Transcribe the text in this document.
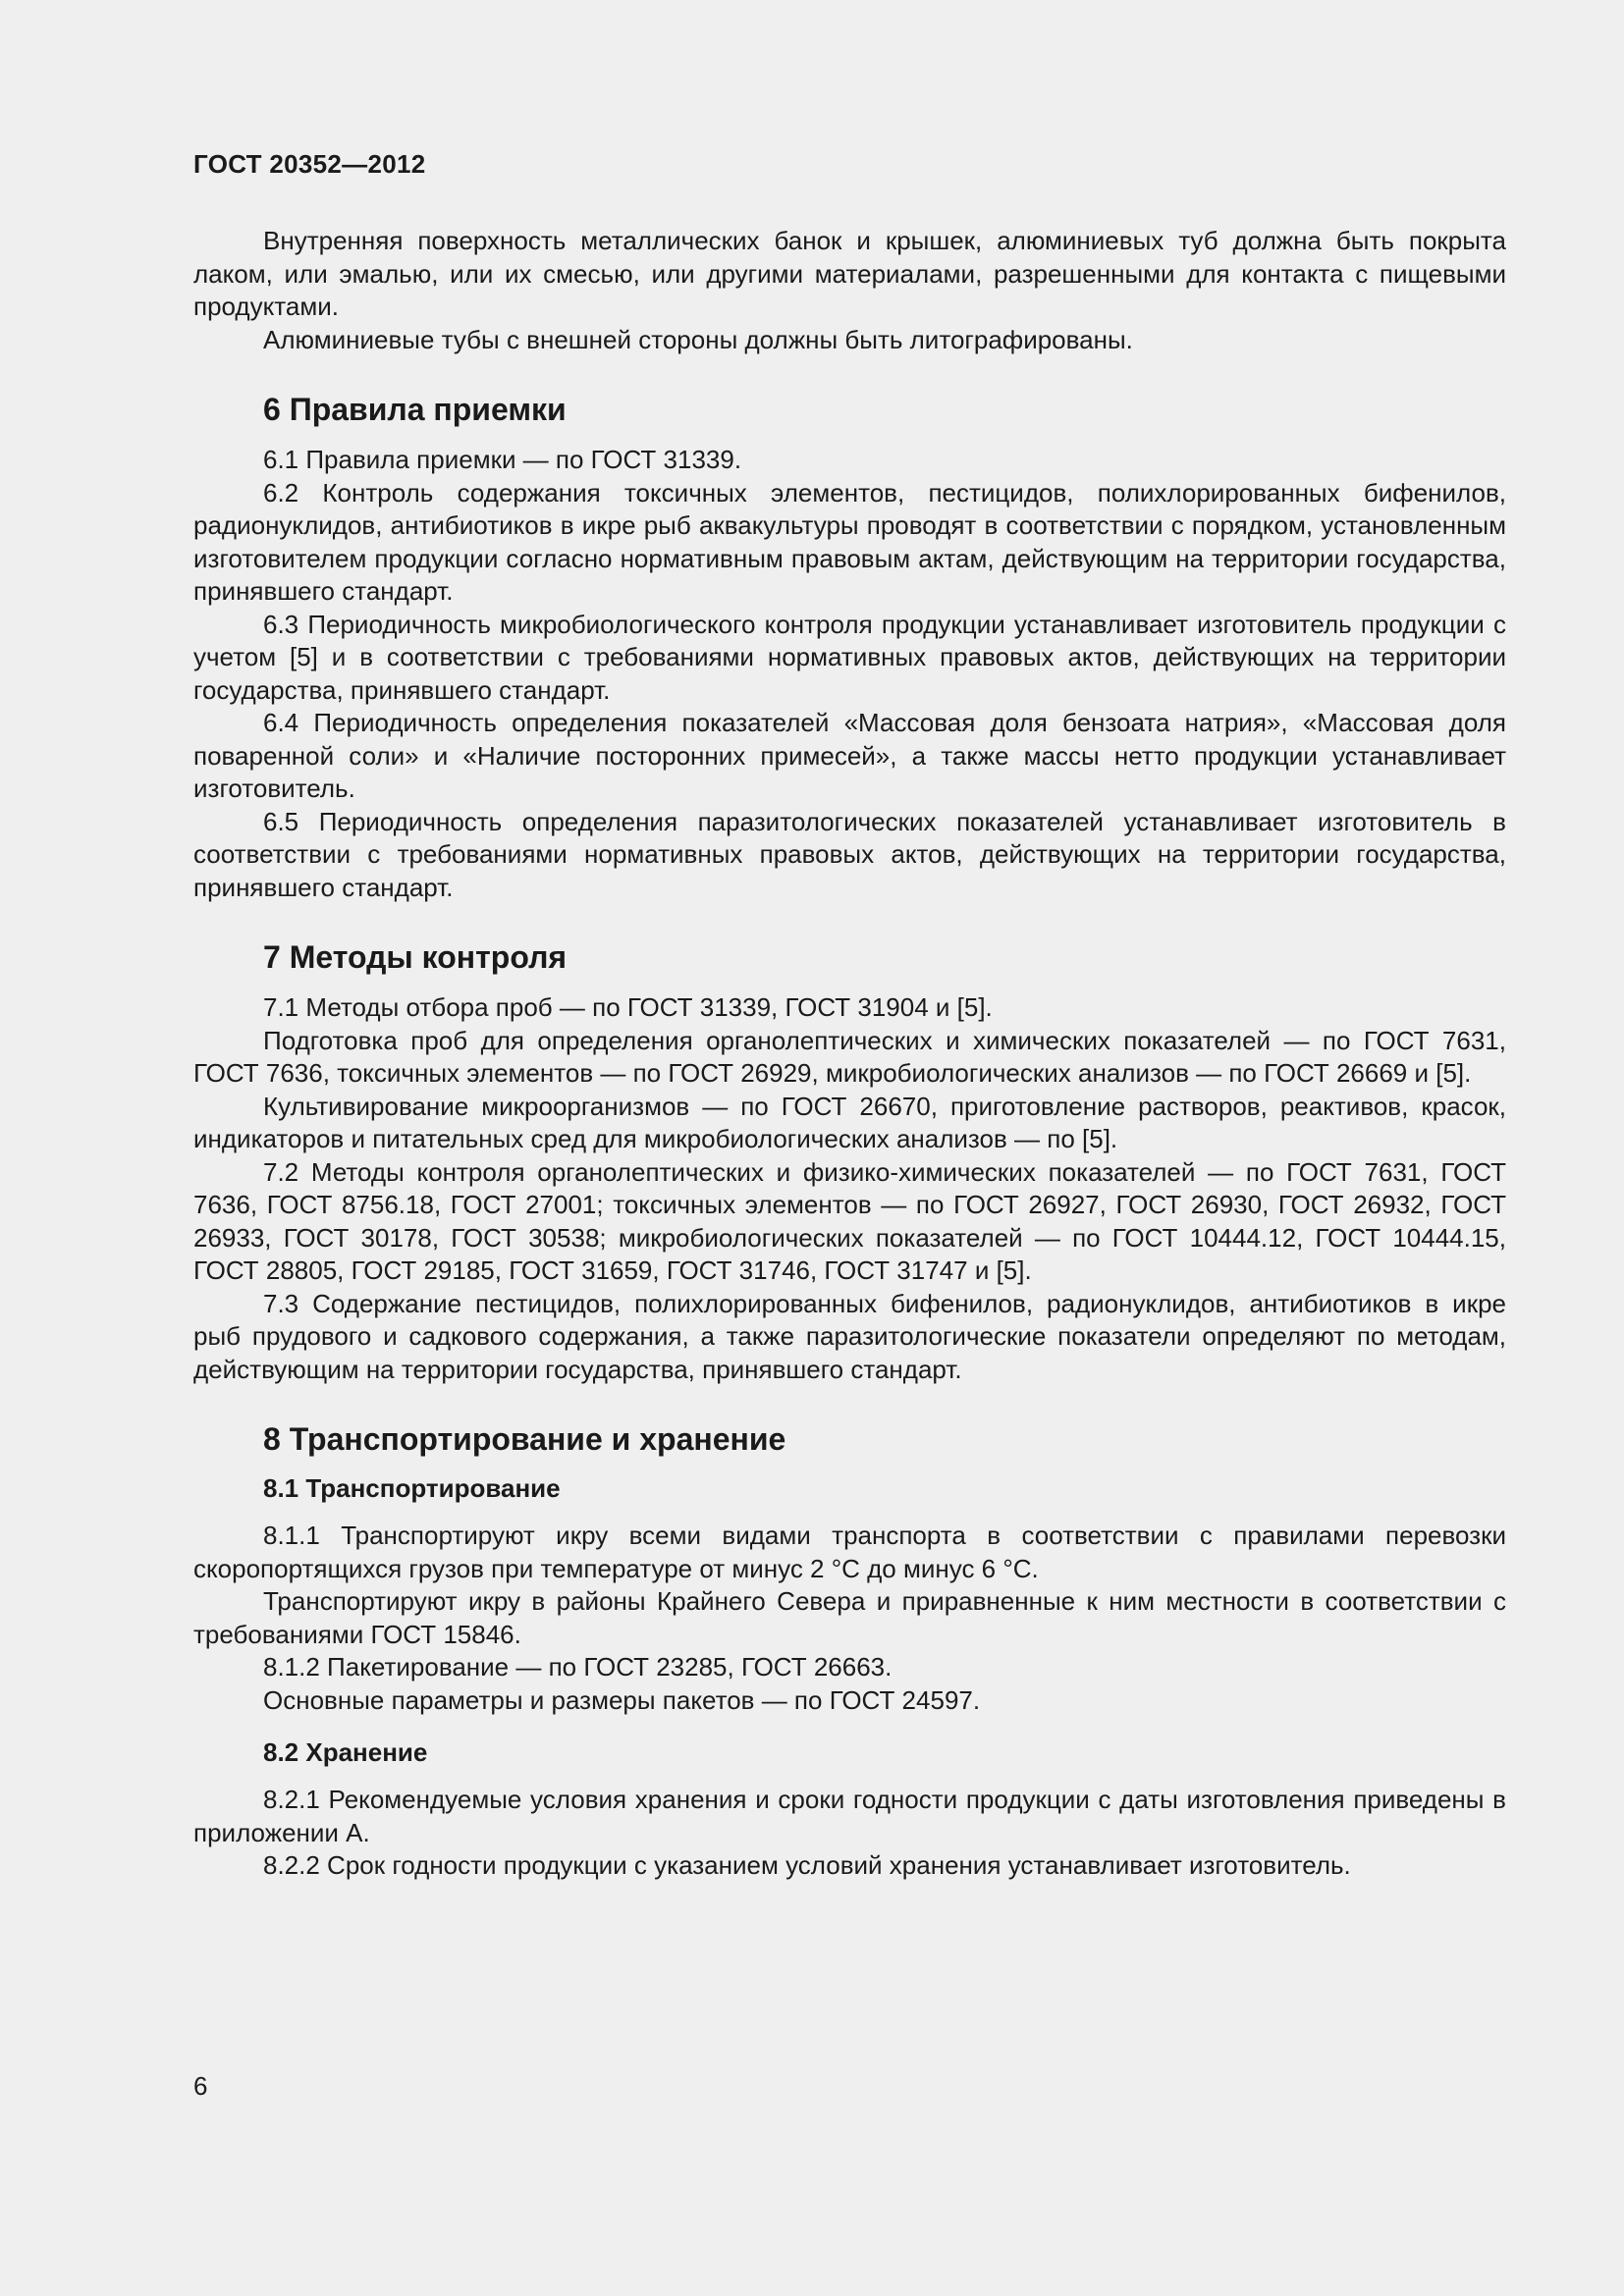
ГОСТ 20352—2012

Внутренняя поверхность металлических банок и крышек, алюминиевых туб должна быть покрыта лаком, или эмалью, или их смесью, или другими материалами, разрешенными для контакта с пищевыми продуктами.

Алюминиевые тубы с внешней стороны должны быть литографированы.

6 Правила приемки

6.1 Правила приемки — по ГОСТ 31339.

6.2 Контроль содержания токсичных элементов, пестицидов, полихлорированных бифенилов, радионуклидов, антибиотиков в икре рыб аквакультуры проводят в соответствии с порядком, установленным изготовителем продукции согласно нормативным правовым актам, действующим на территории государства, принявшего стандарт.

6.3 Периодичность микробиологического контроля продукции устанавливает изготовитель продукции с учетом [5] и в соответствии с требованиями нормативных правовых актов, действующих на территории государства, принявшего стандарт.

6.4 Периодичность определения показателей «Массовая доля бензоата натрия», «Массовая доля поваренной соли» и «Наличие посторонних примесей», а также массы нетто продукции устанавливает изготовитель.

6.5 Периодичность определения паразитологических показателей устанавливает изготовитель в соответствии с требованиями нормативных правовых актов, действующих на территории государства, принявшего стандарт.

7 Методы контроля

7.1 Методы отбора проб — по ГОСТ 31339, ГОСТ 31904 и [5].

Подготовка проб для определения органолептических и химических показателей — по ГОСТ 7631, ГОСТ 7636, токсичных элементов — по ГОСТ 26929, микробиологических анализов — по ГОСТ 26669 и [5].

Культивирование микроорганизмов — по ГОСТ 26670, приготовление растворов, реактивов, красок, индикаторов и питательных сред для микробиологических анализов — по [5].

7.2 Методы контроля органолептических и физико-химических показателей — по ГОСТ 7631, ГОСТ 7636, ГОСТ 8756.18, ГОСТ 27001; токсичных элементов — по ГОСТ 26927, ГОСТ 26930, ГОСТ 26932, ГОСТ 26933, ГОСТ 30178, ГОСТ 30538; микробиологических показателей — по ГОСТ 10444.12, ГОСТ 10444.15, ГОСТ 28805, ГОСТ 29185, ГОСТ 31659, ГОСТ 31746, ГОСТ 31747 и [5].

7.3 Содержание пестицидов, полихлорированных бифенилов, радионуклидов, антибиотиков в икре рыб прудового и садкового содержания, а также паразитологические показатели определяют по методам, действующим на территории государства, принявшего стандарт.

8 Транспортирование и хранение
8.1 Транспортирование

8.1.1 Транспортируют икру всеми видами транспорта в соответствии с правилами перевозки скоропортящихся грузов при температуре от минус 2 °С до минус 6 °С.

Транспортируют икру в районы Крайнего Севера и приравненные к ним местности в соответствии с требованиями ГОСТ 15846.

8.1.2 Пакетирование — по ГОСТ 23285, ГОСТ 26663.

Основные параметры и размеры пакетов — по ГОСТ 24597.

8.2 Хранение

8.2.1 Рекомендуемые условия хранения и сроки годности продукции с даты изготовления приведены в приложении А.

8.2.2 Срок годности продукции с указанием условий хранения устанавливает изготовитель.

6
